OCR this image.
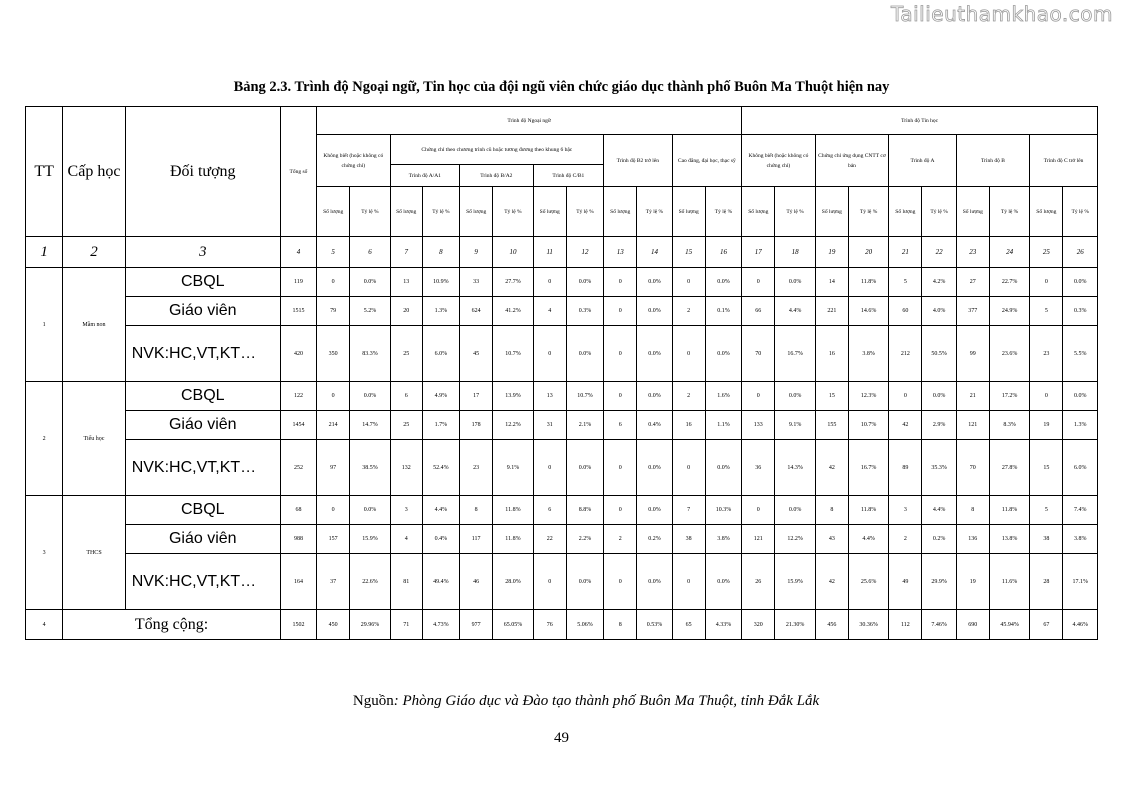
Tailieuthamkhao.com
Bảng 2.3. Trình độ Ngoại ngữ, Tin học của đội ngũ viên chức giáo dục thành phố Buôn Ma Thuột hiện nay
TT	Cấp học	Đối tượng	Tổng số	Trình độ Ngoại ngữ												Trình độ Tin học									
				Không biết (hoặc không có chứng chỉ)		Chứng chỉ theo chương trình cũ hoặc tương đương theo khung 6 bậc						Trình độ B2 trở lên		Cao đẳng, đại học, thạc sỹ		Không biết (hoặc không có chứng chỉ)		Chứng chỉ ứng dụng CNTT cơ bản		Trình độ A		Trình độ B		Trình độ C trở lên	
						Trình độ A/A1		Trình độ B/A2		Trình độ C/B1															
				Số lượng	Tỷ lệ %	Số lượng	Tỷ lệ %	Số lượng	Tỷ lệ %	Số lượng	Tỷ lệ %	Số lượng	Tỷ lệ %	Số lượng	Tỷ lệ %	Số lượng	Tỷ lệ %	Số lượng	Tỷ lệ %	Số lượng	Tỷ lệ %	Số lượng	Tỷ lệ %	Số lượng	Tỷ lệ %
1	2	3	4	5	6	7	8	9	10	11	12	13	14	15	16	17	18	19	20	21	22	23	24	25	26
1	Mầm non	CBQL	119	0	0.0%	13	10.9%	33	27.7%	0	0.0%	0	0.0%	0	0.0%	0	0.0%	14	11.8%	5	4.2%	27	22.7%	0	0.0%
		Giáo viên	1515	79	5.2%	20	1.3%	624	41.2%	4	0.3%	0	0.0%	2	0.1%	66	4.4%	221	14.6%	60	4.0%	377	24.9%	5	0.3%
		NVK:HC,VT,KT…	420	350	83.3%	25	6.0%	45	10.7%	0	0.0%	0	0.0%	0	0.0%	70	16.7%	16	3.8%	212	50.5%	99	23.6%	23	5.5%
2	Tiểu học	CBQL	122	0	0.0%	6	4.9%	17	13.9%	13	10.7%	0	0.0%	2	1.6%	0	0.0%	15	12.3%	0	0.0%	21	17.2%	0	0.0%
		Giáo viên	1454	214	14.7%	25	1.7%	178	12.2%	31	2.1%	6	0.4%	16	1.1%	133	9.1%	155	10.7%	42	2.9%	121	8.3%	19	1.3%
		NVK:HC,VT,KT…	252	97	38.5%	132	52.4%	23	9.1%	0	0.0%	0	0.0%	0	0.0%	36	14.3%	42	16.7%	89	35.3%	70	27.8%	15	6.0%
3	THCS	CBQL	68	0	0.0%	3	4.4%	8	11.8%	6	8.8%	0	0.0%	7	10.3%	0	0.0%	8	11.8%	3	4.4%	8	11.8%	5	7.4%
		Giáo viên	988	157	15.9%	4	0.4%	117	11.8%	22	2.2%	2	0.2%	38	3.8%	121	12.2%	43	4.4%	2	0.2%	136	13.8%	38	3.8%
		NVK:HC,VT,KT…	164	37	22.6%	81	49.4%	46	28.0%	0	0.0%	0	0.0%	0	0.0%	26	15.9%	42	25.6%	49	29.9%	19	11.6%	28	17.1%
4	Tổng cộng:		1502	450	29.96%	71	4.73%	977	65.05%	76	5.06%	8	0.53%	65	4.33%	320	21.30%	456	30.36%	112	7.46%	690	45.94%	67	4.46%
Nguồn: Phòng Giáo dục và Đào tạo thành phố Buôn Ma Thuột, tỉnh Đắk Lắk
49
